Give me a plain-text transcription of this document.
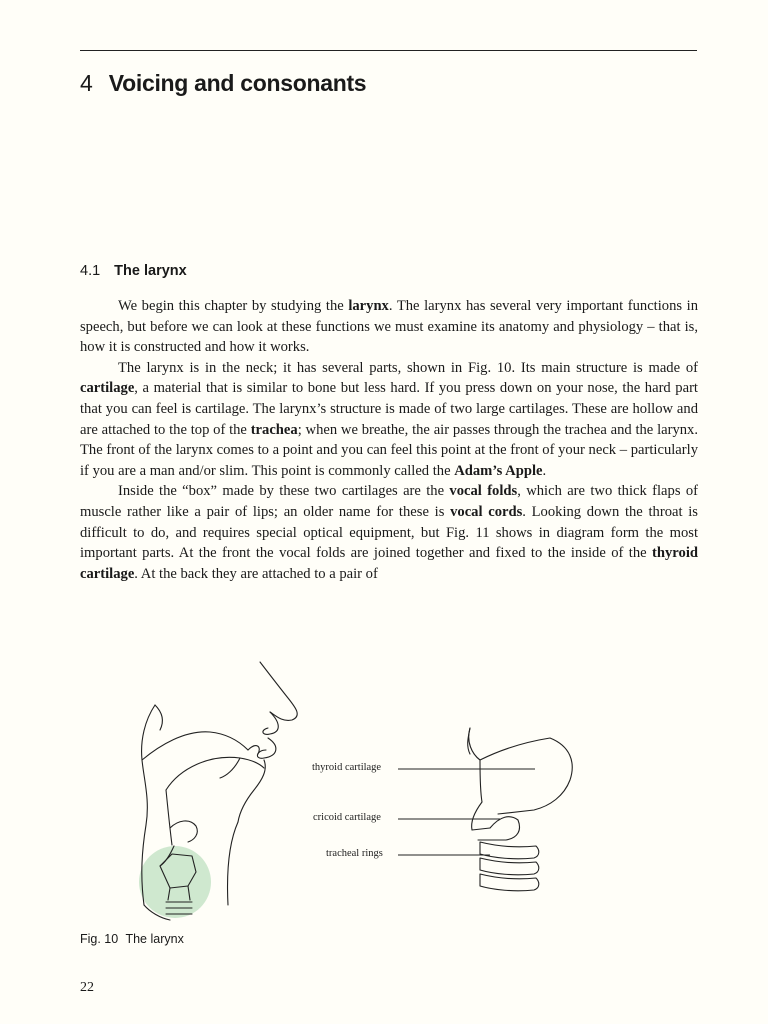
4 Voicing and consonants
4.1 The larynx

We begin this chapter by studying the larynx. The larynx has several very important functions in speech, but before we can look at these functions we must examine its anatomy and physiology – that is, how it is constructed and how it works.

The larynx is in the neck; it has several parts, shown in Fig. 10. Its main structure is made of cartilage, a material that is similar to bone but less hard. If you press down on your nose, the hard part that you can feel is cartilage. The larynx’s structure is made of two large cartilages. These are hollow and are attached to the top of the trachea; when we breathe, the air passes through the trachea and the larynx. The front of the larynx comes to a point and you can feel this point at the front of your neck – particularly if you are a man and/or slim. This point is commonly called the Adam’s Apple.

Inside the “box” made by these two cartilages are the vocal folds, which are two thick flaps of muscle rather like a pair of lips; an older name for these is vocal cords. Looking down the throat is difficult to do, and requires special optical equipment, but Fig. 11 shows in diagram form the most important parts. At the front the vocal folds are joined together and fixed to the inside of the thyroid cartilage. At the back they are attached to a pair of

thyroid cartilage
cricoid cartilage
tracheal rings
Fig. 10 The larynx
22
